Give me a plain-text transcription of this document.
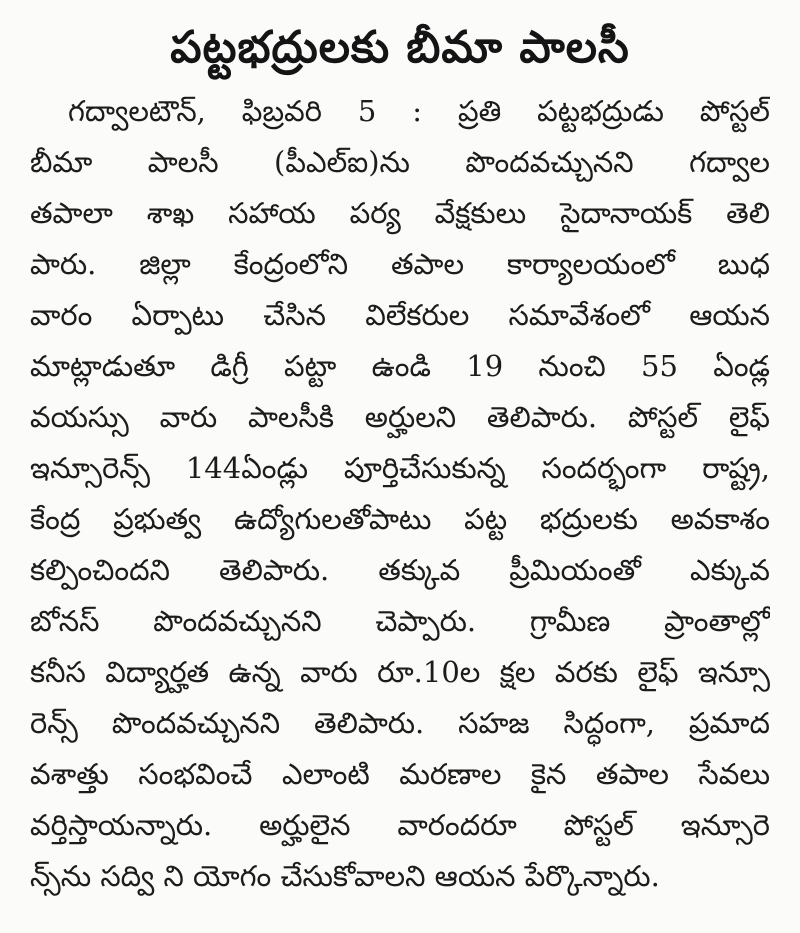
పట్టభద్రులకు బీమా పాలసీ
గద్వాలటౌన్, ఫిబ్రవరి 5 : ప్రతి పట్టభద్రుడు పోస్టల్
బీమా పాలసీ (పీఎల్ఐ)ను పొందవచ్చునని గద్వాల
తపాలా శాఖ సహాయ పర్య వేక్షకులు సైదానాయక్ తెలి
పారు. జిల్లా కేంద్రంలోని తపాల కార్యాలయంలో బుధ
వారం ఏర్పాటు చేసిన విలేకరుల సమావేశంలో ఆయన
మాట్లాడుతూ డిగ్రీ పట్టా ఉండి 19 నుంచి 55 ఏండ్ల
వయస్సు వారు పాలసీకి అర్హులని తెలిపారు. పోస్టల్ లైఫ్
ఇన్సూరెన్స్ 144ఏండ్లు పూర్తిచేసుకున్న సందర్భంగా రాష్ట్ర,
కేంద్ర ప్రభుత్వ ఉద్యోగులతోపాటు పట్ట భద్రులకు అవకాశం
కల్పించిందని తెలిపారు. తక్కువ ప్రీమియంతో ఎక్కువ
బోనస్ పొందవచ్చునని చెప్పారు. గ్రామీణ ప్రాంతాల్లో
కనీస విద్యార్హత ఉన్న వారు రూ.10ల క్షల వరకు లైఫ్ ఇన్సూ
రెన్స్ పొందవచ్చునని తెలిపారు. సహజ సిద్ధంగా, ప్రమాద
వశాత్తు సంభవించే ఎలాంటి మరణాల కైన తపాల సేవలు
వర్తిస్తాయన్నారు. అర్హులైన వారందరూ పోస్టల్ ఇన్సూరె
న్స్‌ను సద్వి ని యోగం చేసుకోవాలని ఆయన పేర్కొన్నారు.
